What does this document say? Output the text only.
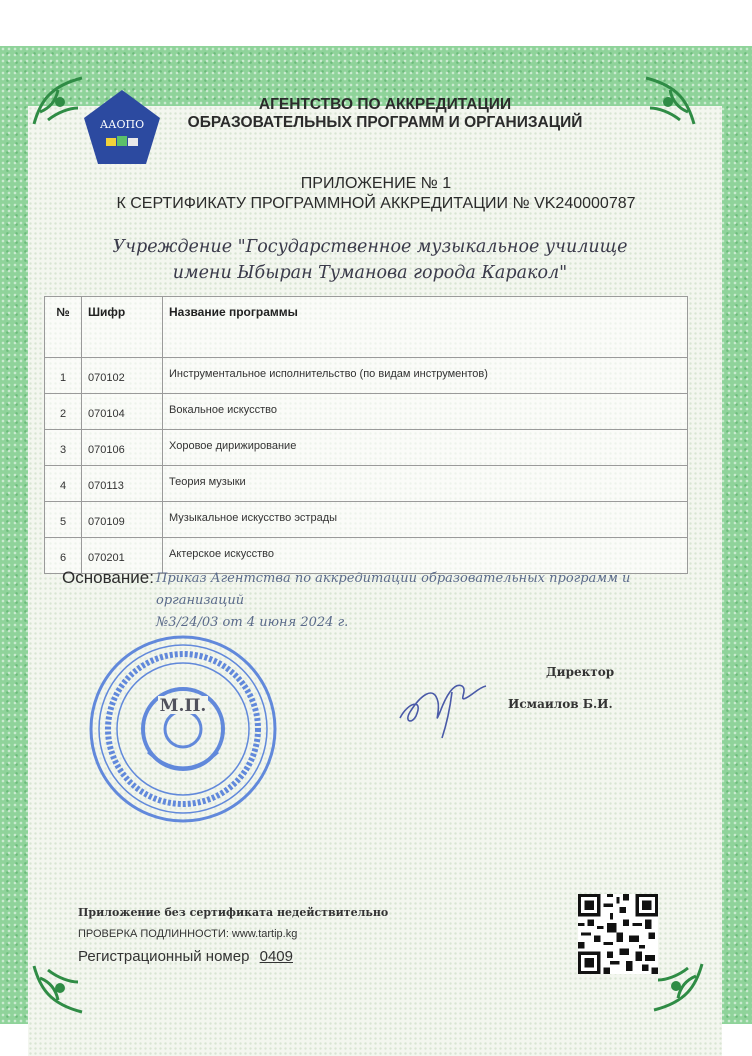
ААОПО
АГЕНТСТВО ПО АККРЕДИТАЦИИ
ОБРАЗОВАТЕЛЬНЫХ ПРОГРАММ И ОРГАНИЗАЦИЙ
ПРИЛОЖЕНИЕ № 1
К СЕРТИФИКАТУ ПРОГРАММНОЙ АККРЕДИТАЦИИ № VK240000787
Учреждение "Государственное музыкальное училище
имени Ыбыран Туманова города Каракол"
№	Шифр	Название программы
1	070102	Инструментальное исполнительство (по видам инструментов)
2	070104	Вокальное искусство
3	070106	Хоровое дирижирование
4	070113	Теория музыки
5	070109	Музыкальное искусство эстрады
6	070201	Актерское искусство
Основание: Приказ Агентства по аккредитации образовательных программ и организаций
№3/24/03 от 4 июня 2024 г.
М.П.
Директор
Исмаилов Б.И.
Приложение без сертификата недействительно
ПРОВЕРКА ПОДЛИННОСТИ: www.tartip.kg
Регистрационный номер 0409
